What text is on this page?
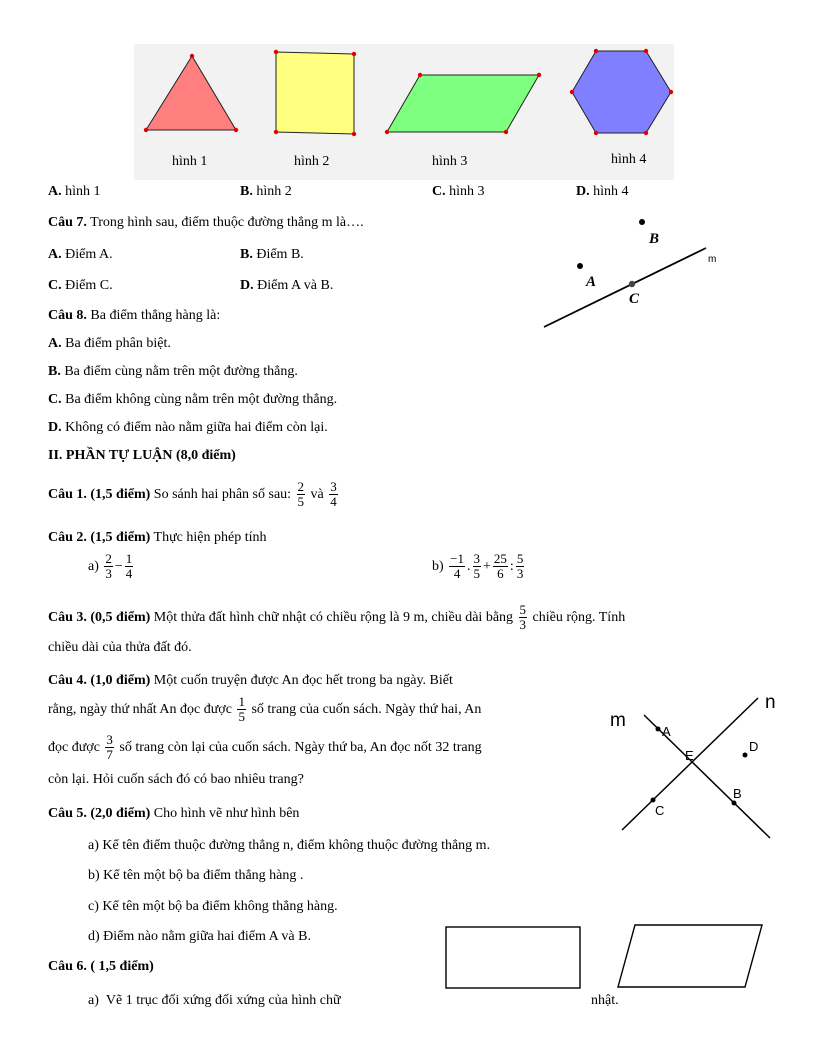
hình 1	hình 2	hình 3	hình 4
A. hình 1	B. hình 2	C. hình 3	D. hình 4
Câu 7. Trong hình sau, điểm thuộc đường thẳng m là….
A. Điểm A.	B. Điểm B.
C. Điểm C.	D. Điểm A và B.
B
A
C
m
Câu 8. Ba điểm thẳng hàng là:
A. Ba điểm phân biệt.
B. Ba điểm cùng nằm trên một đường thẳng.
C. Ba điểm không cùng nằm trên một đường thẳng.
D. Không có điểm nào nằm giữa hai điểm còn lại.
II. PHẦN TỰ LUẬN (8,0 điểm)
Câu 1. (1,5 điểm) So sánh hai phân số sau: $\frac{2}{5}$ và $\frac{3}{4}$
Câu 2. (1,5 điểm) Thực hiện phép tính
$a) \frac{2}{3} - \frac{1}{4}$	$b) \frac{-1}{4}$ . $\frac{3}{5} + \frac{25}{6}$ : $\frac{5}{3}$
Câu 3. (0,5 điểm) Một thửa đất hình chữ nhật có chiều rộng là 9 m, chiều dài bằng $\frac{5}{3}$ chiều rộng. Tính
chiều dài của thửa đất đó.
Câu 4. (1,0 điểm) Một cuốn truyện được An đọc hết trong ba ngày. Biết
rằng, ngày thứ nhất An đọc được $\frac{1}{5}$ số trang của cuốn sách. Ngày thứ hai, An
đọc được $\frac{3}{7}$ số trang còn lại của cuốn sách. Ngày thứ ba, An đọc nốt 32 trang
còn lại. Hỏi cuốn sách đó có bao nhiêu trang?
Câu 5. (2,0 điểm) Cho hình vẽ như hình bên
a) Kể tên điểm thuộc đường thẳng n, điểm không thuộc đường thẳng m.
b) Kể tên một bộ ba điểm thẳng hàng .
c) Kể tên một bộ ba điểm không thẳng hàng.
d) Điểm nào nằm giữa hai điểm A và B.
m
n
A
E
D
B
C
Câu 6. ( 1,5 điểm)
a) Vẽ 1 trục đối xứng đối xứng của hình chữ	nhật.
